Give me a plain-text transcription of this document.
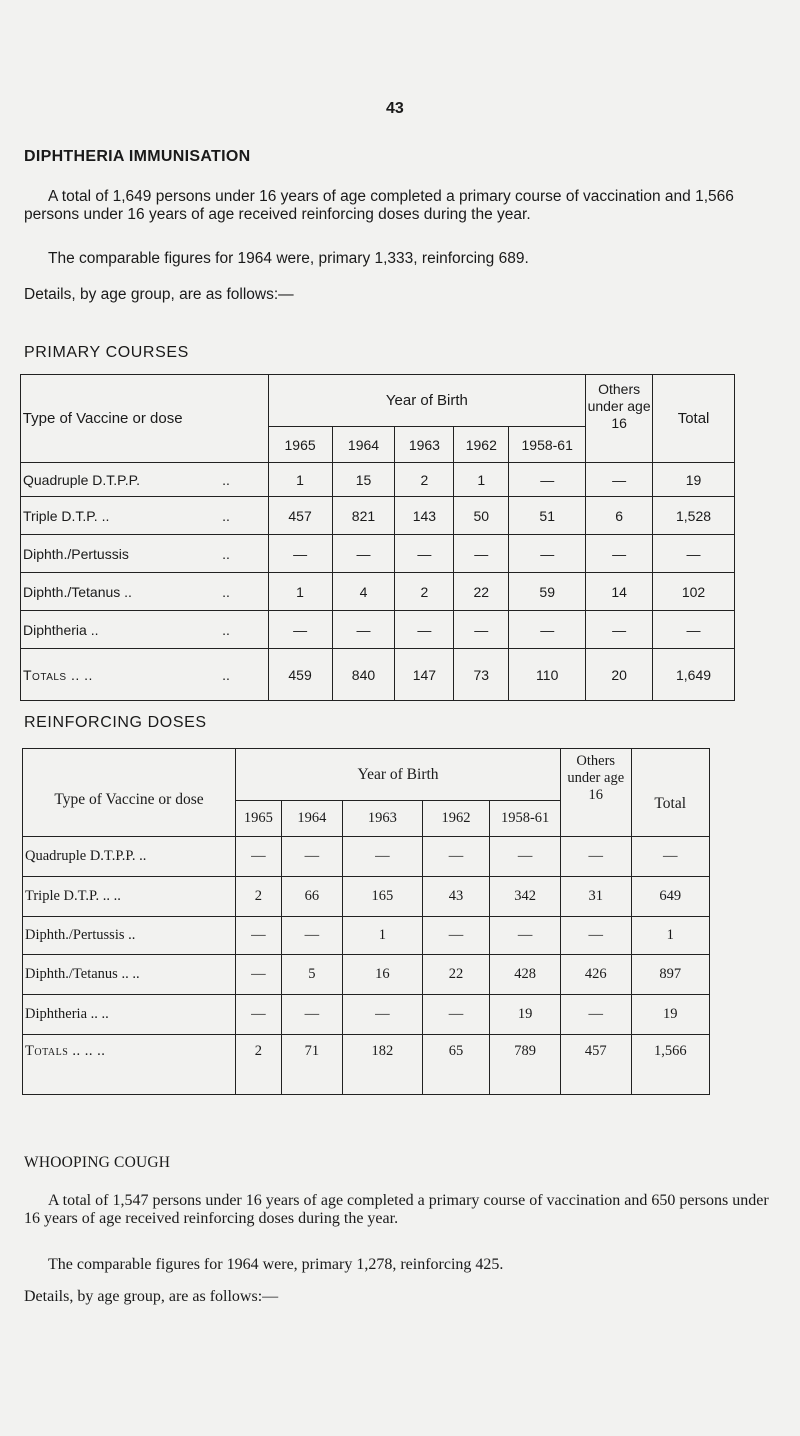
43
DIPHTHERIA IMMUNISATION
A total of 1,649 persons under 16 years of age completed a primary course of vaccination and 1,566 persons under 16 years of age received reinforcing doses during the year.
The comparable figures for 1964 were, primary 1,333, reinforcing 689.
Details, by age group, are as follows:—
PRIMARY COURSES
Type of Vaccine or dose		Year of Birth					Others under age 16	Total
		1965	1964	1963	1962	1958-61		
Quadruple D.T.P.P.	..	1	15	2	1	—	—	19
Triple D.T.P. ..	..	457	821	143	50	51	6	1,528
Diphth./Pertussis	..	—	—	—	—	—	—	—
Diphth./Tetanus ..	..	1	4	2	22	59	14	102
Diphtheria ..	..	—	—	—	—	—	—	—
Totals .. ..	..	459	840	147	73	110	20	1,649
REINFORCING DOSES
Type of Vaccine or dose	Year of Birth					Others under age 16	Total
	1965	1964	1963	1962	1958-61		
Quadruple D.T.P.P. ..	—	—	—	—	—	—	—
Triple D.T.P. .. ..	2	66	165	43	342	31	649
Diphth./Pertussis ..	—	—	1	—	—	—	1
Diphth./Tetanus .. ..	—	5	16	22	428	426	897
Diphtheria .. ..	—	—	—	—	19	—	19
Totals .. .. ..	2	71	182	65	789	457	1,566
WHOOPING COUGH
A total of 1,547 persons under 16 years of age completed a primary course of vaccination and 650 persons under 16 years of age received reinforcing doses during the year.
The comparable figures for 1964 were, primary 1,278, reinforcing 425.
Details, by age group, are as follows:—
